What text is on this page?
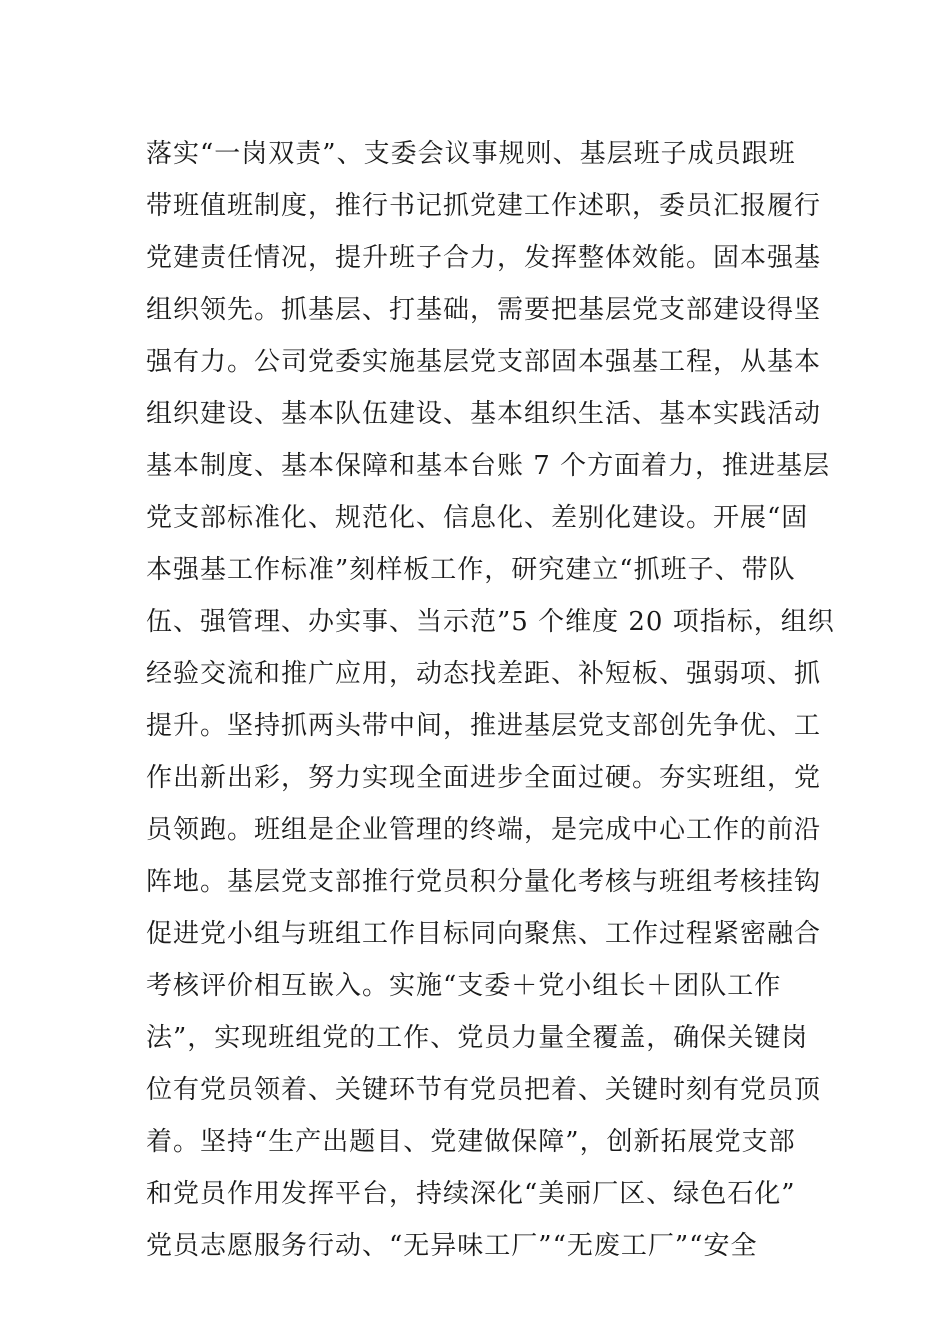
落实“一岗双责”、支委会议事规则、基层班子成员跟班
带班值班制度，推行书记抓党建工作述职，委员汇报履行
党建责任情况，提升班子合力，发挥整体效能。固本强基
组织领先。抓基层、打基础，需要把基层党支部建设得坚
强有力。公司党委实施基层党支部固本强基工程，从基本
组织建设、基本队伍建设、基本组织生活、基本实践活动
基本制度、基本保障和基本台账 7 个方面着力，推进基层
党支部标准化、规范化、信息化、差别化建设。开展“固
本强基工作标准”刻样板工作，研究建立“抓班子、带队
伍、强管理、办实事、当示范”5 个维度 20 项指标，组织
经验交流和推广应用，动态找差距、补短板、强弱项、抓
提升。坚持抓两头带中间，推进基层党支部创先争优、工
作出新出彩，努力实现全面进步全面过硬。夯实班组，党
员领跑。班组是企业管理的终端，是完成中心工作的前沿
阵地。基层党支部推行党员积分量化考核与班组考核挂钩
促进党小组与班组工作目标同向聚焦、工作过程紧密融合
考核评价相互嵌入。实施“支委＋党小组长＋团队工作
法”，实现班组党的工作、党员力量全覆盖，确保关键岗
位有党员领着、关键环节有党员把着、关键时刻有党员顶
着。坚持“生产出题目、党建做保障”，创新拓展党支部
和党员作用发挥平台，持续深化“美丽厂区、绿色石化”
党员志愿服务行动、“无异味工厂”“无废工厂”“安全
